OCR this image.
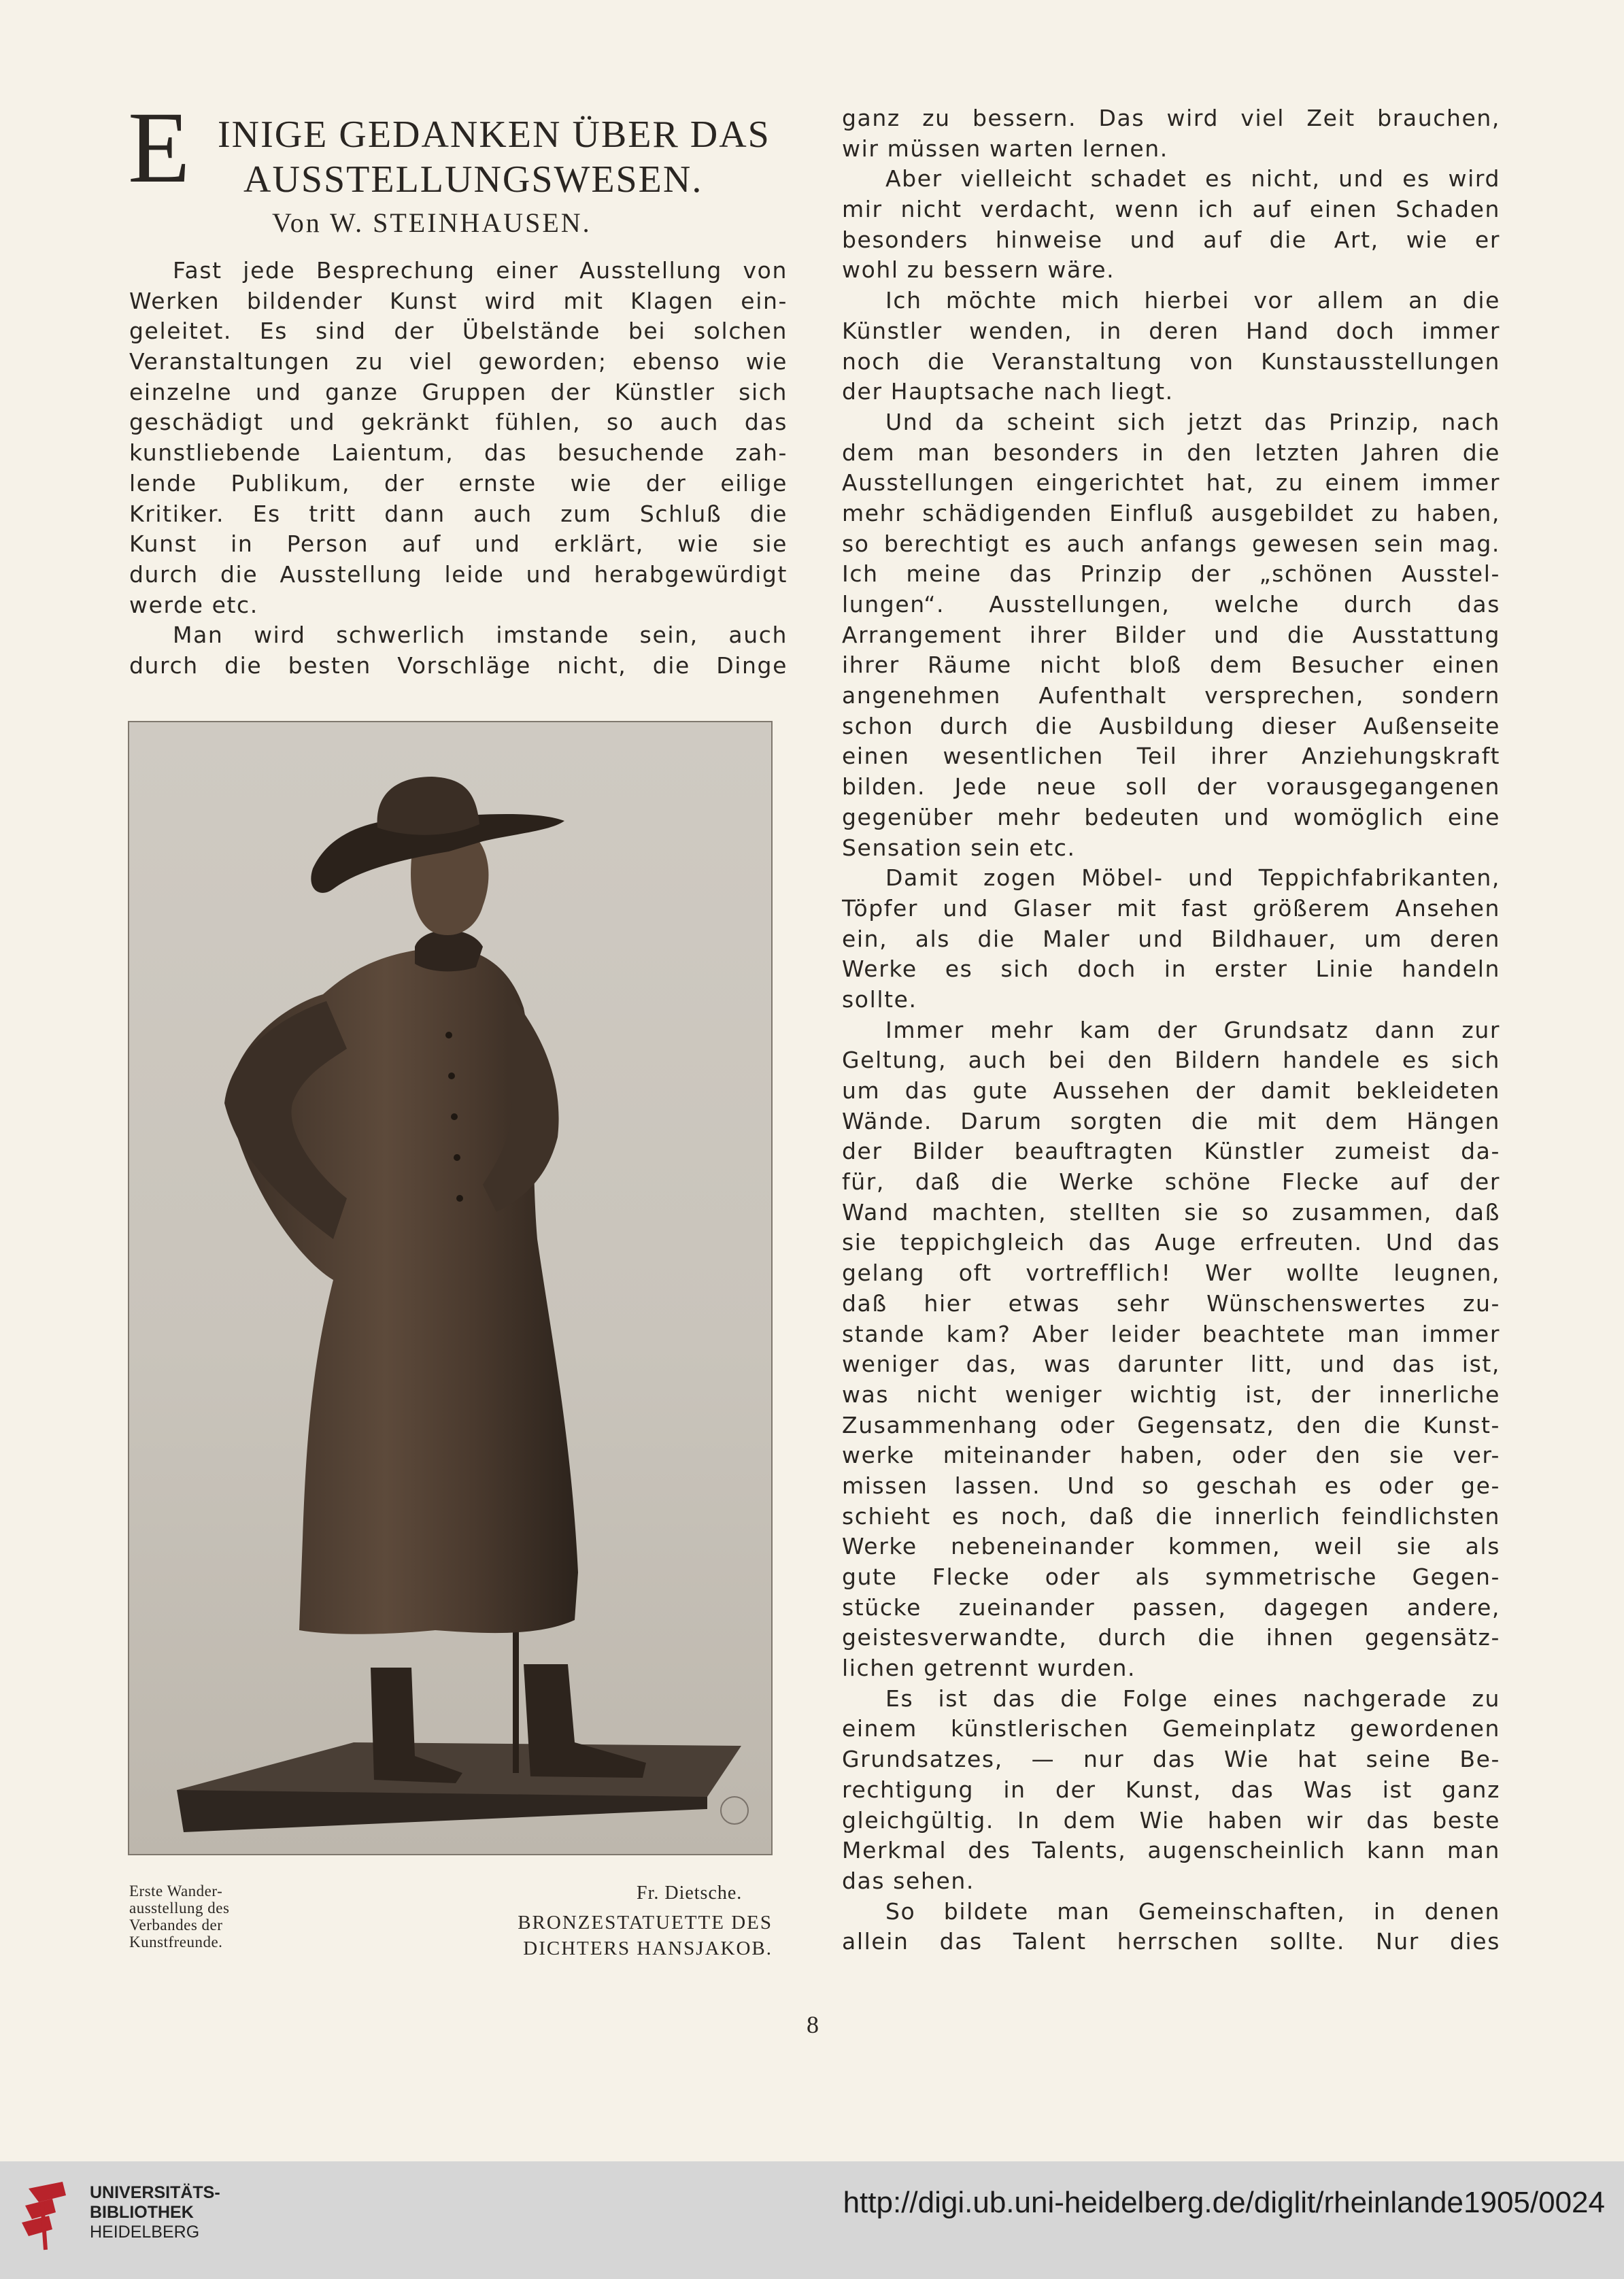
E INIGE GEDANKEN ÜBER DAS
AUSSTELLUNGSWESEN.
Von W. STEINHAUSEN.
Fast jede Besprechung einer Ausstellung von
Werken bildender Kunst wird mit Klagen ein-
geleitet. Es sind der Übelstände bei solchen
Veranstaltungen zu viel geworden; ebenso wie
einzelne und ganze Gruppen der Künstler sich
geschädigt und gekränkt fühlen, so auch das
kunstliebende Laientum, das besuchende zah-
lende Publikum, der ernste wie der eilige
Kritiker. Es tritt dann auch zum Schluß die
Kunst in Person auf und erklärt, wie sie
durch die Ausstellung leide und herabgewürdigt
werde etc.
Man wird schwerlich imstande sein, auch
durch die besten Vorschläge nicht, die Dinge
ganz zu bessern. Das wird viel Zeit brauchen,
wir müssen warten lernen.
Aber vielleicht schadet es nicht, und es wird
mir nicht verdacht, wenn ich auf einen Schaden
besonders hinweise und auf die Art, wie er
wohl zu bessern wäre.
Ich möchte mich hierbei vor allem an die
Künstler wenden, in deren Hand doch immer
noch die Veranstaltung von Kunstausstellungen
der Hauptsache nach liegt.
Und da scheint sich jetzt das Prinzip, nach
dem man besonders in den letzten Jahren die
Ausstellungen eingerichtet hat, zu einem immer
mehr schädigenden Einfluß ausgebildet zu haben,
so berechtigt es auch anfangs gewesen sein mag.
Ich meine das Prinzip der „schönen Ausstel-
lungen“. Ausstellungen, welche durch das
Arrangement ihrer Bilder und die Ausstattung
ihrer Räume nicht bloß dem Besucher einen
angenehmen Aufenthalt versprechen, sondern
schon durch die Ausbildung dieser Außenseite
einen wesentlichen Teil ihrer Anziehungskraft
bilden. Jede neue soll der vorausgegangenen
gegenüber mehr bedeuten und womöglich eine
Sensation sein etc.
Damit zogen Möbel- und Teppichfabrikanten,
Töpfer und Glaser mit fast größerem Ansehen
ein, als die Maler und Bildhauer, um deren
Werke es sich doch in erster Linie handeln
sollte.
Immer mehr kam der Grundsatz dann zur
Geltung, auch bei den Bildern handele es sich
um das gute Aussehen der damit bekleideten
Wände. Darum sorgten die mit dem Hängen
der Bilder beauftragten Künstler zumeist da-
für, daß die Werke schöne Flecke auf der
Wand machten, stellten sie so zusammen, daß
sie teppichgleich das Auge erfreuten. Und das
gelang oft vortrefflich! Wer wollte leugnen,
daß hier etwas sehr Wünschenswertes zu-
stande kam? Aber leider beachtete man immer
weniger das, was darunter litt, und das ist,
was nicht weniger wichtig ist, der innerliche
Zusammenhang oder Gegensatz, den die Kunst-
werke miteinander haben, oder den sie ver-
missen lassen. Und so geschah es oder ge-
schieht es noch, daß die innerlich feindlichsten
Werke nebeneinander kommen, weil sie als
gute Flecke oder als symmetrische Gegen-
stücke zueinander passen, dagegen andere,
geistesverwandte, durch die ihnen gegensätz-
lichen getrennt wurden.
Es ist das die Folge eines nachgerade zu
einem künstlerischen Gemeinplatz gewordenen
Grundsatzes, — nur das Wie hat seine Be-
rechtigung in der Kunst, das Was ist ganz
gleichgültig. In dem Wie haben wir das beste
Merkmal des Talents, augenscheinlich kann man
das sehen.
So bildete man Gemeinschaften, in denen
allein das Talent herrschen sollte. Nur dies
Erste Wander-
ausstellung des
Verbandes der
Kunstfreunde.
Fr. Dietsche.
BRONZESTATUETTE DES
DICHTERS HANSJAKOB.
8
UNIVERSITÄTS-
BIBLIOTHEK
HEIDELBERG
http://digi.ub.uni-heidelberg.de/diglit/rheinlande1905/0024
